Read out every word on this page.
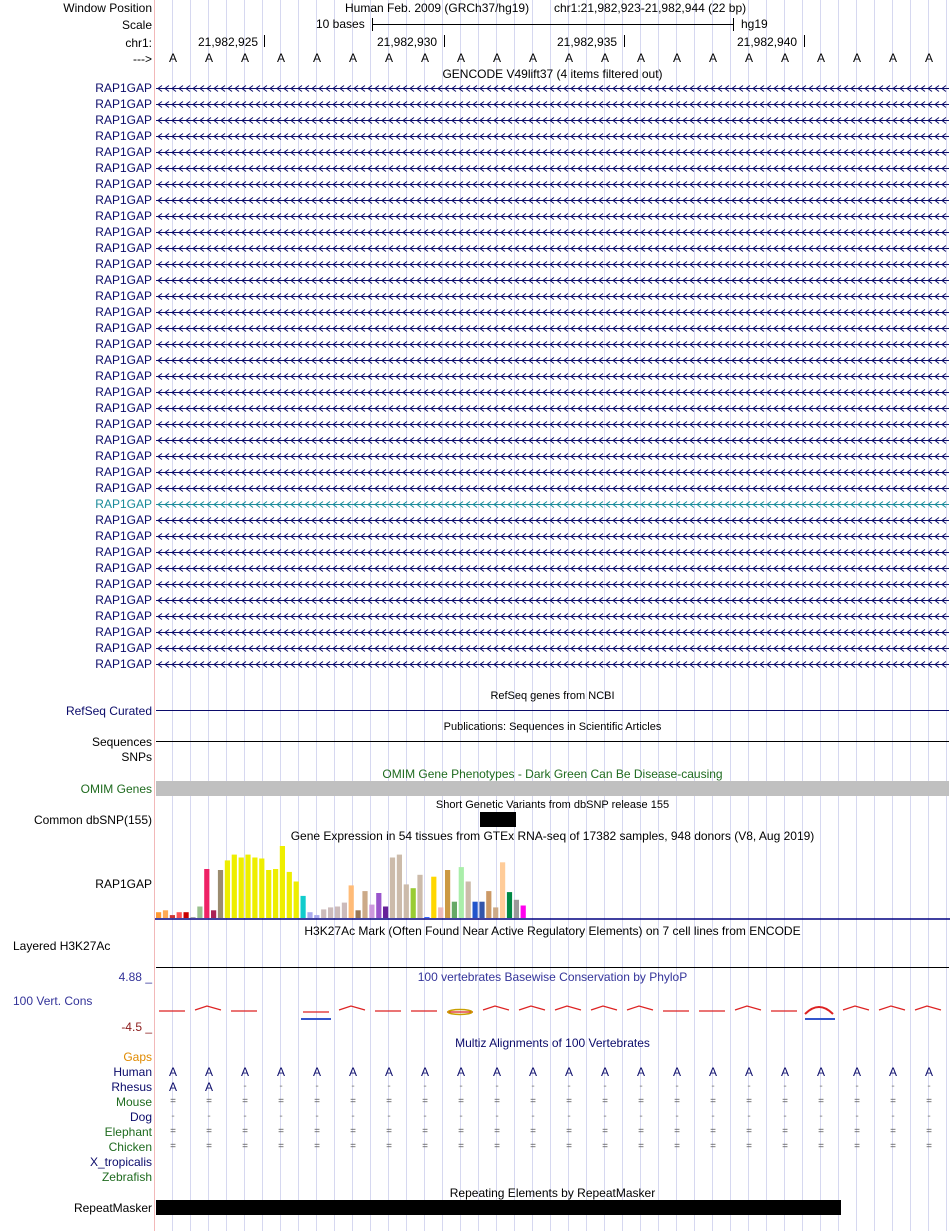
Window Position	Human Feb. 2009 (GRCh37/hg19) chr1:21,982,923-21,982,944 (22 bp)
Scale	10 bases	hg19
chr1:	21,982,925	21,982,930	21,982,935	21,982,940
--->	A	A	A	A	A	A	A	A	A	A	A	A	A	A	A	A	A	A	A	A	A	A
GENCODE V49lift37 (4 items filtered out)
RAP1GAP
RAP1GAP
RAP1GAP
RAP1GAP
RAP1GAP
RAP1GAP
RAP1GAP
RAP1GAP
RAP1GAP
RAP1GAP
RAP1GAP
RAP1GAP
RAP1GAP
RAP1GAP
RAP1GAP
RAP1GAP
RAP1GAP
RAP1GAP
RAP1GAP
RAP1GAP
RAP1GAP
RAP1GAP
RAP1GAP
RAP1GAP
RAP1GAP
RAP1GAP
RAP1GAP
RAP1GAP
RAP1GAP
RAP1GAP
RAP1GAP
RAP1GAP
RAP1GAP
RAP1GAP
RAP1GAP
RAP1GAP
RAP1GAP
RefSeq genes from NCBI
RefSeq Curated
Publications: Sequences in Scientific Articles
Sequences
SNPs
OMIM Gene Phenotypes - Dark Green Can Be Disease-causing
OMIM Genes
Short Genetic Variants from dbSNP release 155
Common dbSNP(155)
Gene Expression in 54 tissues from GTEx RNA-seq of 17382 samples, 948 donors (V8, Aug 2019)
RAP1GAP
H3K27Ac Mark (Often Found Near Active Regulatory Elements) on 7 cell lines from ENCODE
Layered H3K27Ac
100 vertebrates Basewise Conservation by PhyloP
4.88 _
100 Vert. Cons
-4.5 _
Multiz Alignments of 100 Vertebrates
Gaps
Human	A	A	A	A	A	A	A	A	A	A	A	A	A	A	A	A	A	A	A	A	A	A
Rhesus	A	A	-	-	-	-	-	-	-	-	-	-	-	-	-	-	-	-	-	-	-	-
Mouse	=	=	=	=	=	=	=	=	=	=	=	=	=	=	=	=	=	=	=	=	=	=
Dog	-	-	-	-	-	-	-	-	-	-	-	-	-	-	-	-	-	-	-	-	-	-
Elephant	=	=	=	=	=	=	=	=	=	=	=	=	=	=	=	=	=	=	=	=	=	=
Chicken	=	=	=	=	=	=	=	=	=	=	=	=	=	=	=	=	=	=	=	=	=	=
X_tropicalis
Zebrafish
Repeating Elements by RepeatMasker
RepeatMasker
